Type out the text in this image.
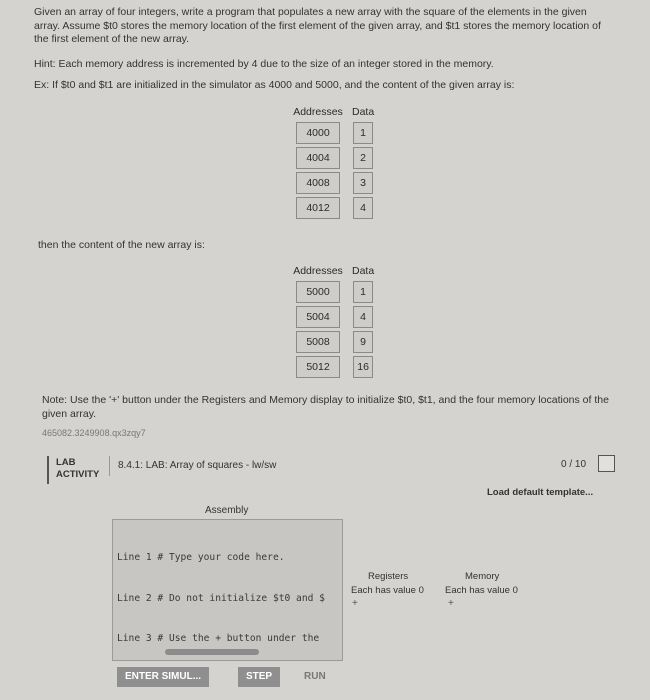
Given an array of four integers, write a program that populates a new array with the square of the elements in the given
array. Assume $t0 stores the memory location of the first element of the given array, and $t1 stores the memory location of
the first element of the new array.
Hint: Each memory address is incremented by 4 due to the size of an integer stored in the memory.
Ex: If $t0 and $t1 are initialized in the simulator as 4000 and 5000, and the content of the given array is:
Addresses	Data
4000	1
4004	2
4008	3
4012	4
then the content of the new array is:
Addresses	Data
5000	1
5004	4
5008	9
5012	16
Note: Use the '+' button under the Registers and Memory display to initialize $t0, $t1, and the four memory locations of the
given array.
465082.3249908.qx3zqy7
LAB
ACTIVITY
8.4.1: LAB: Array of squares - lw/sw	0 / 10
Load default template...
Assembly

Line 1 # Type your code here.

Line 2 # Do not initialize $t0 and $

Line 3 # Use the + button under the

Registers
Each has value 0
+
Memory
Each has value 0
+
ENTER SIMUL...	STEP	RUN
